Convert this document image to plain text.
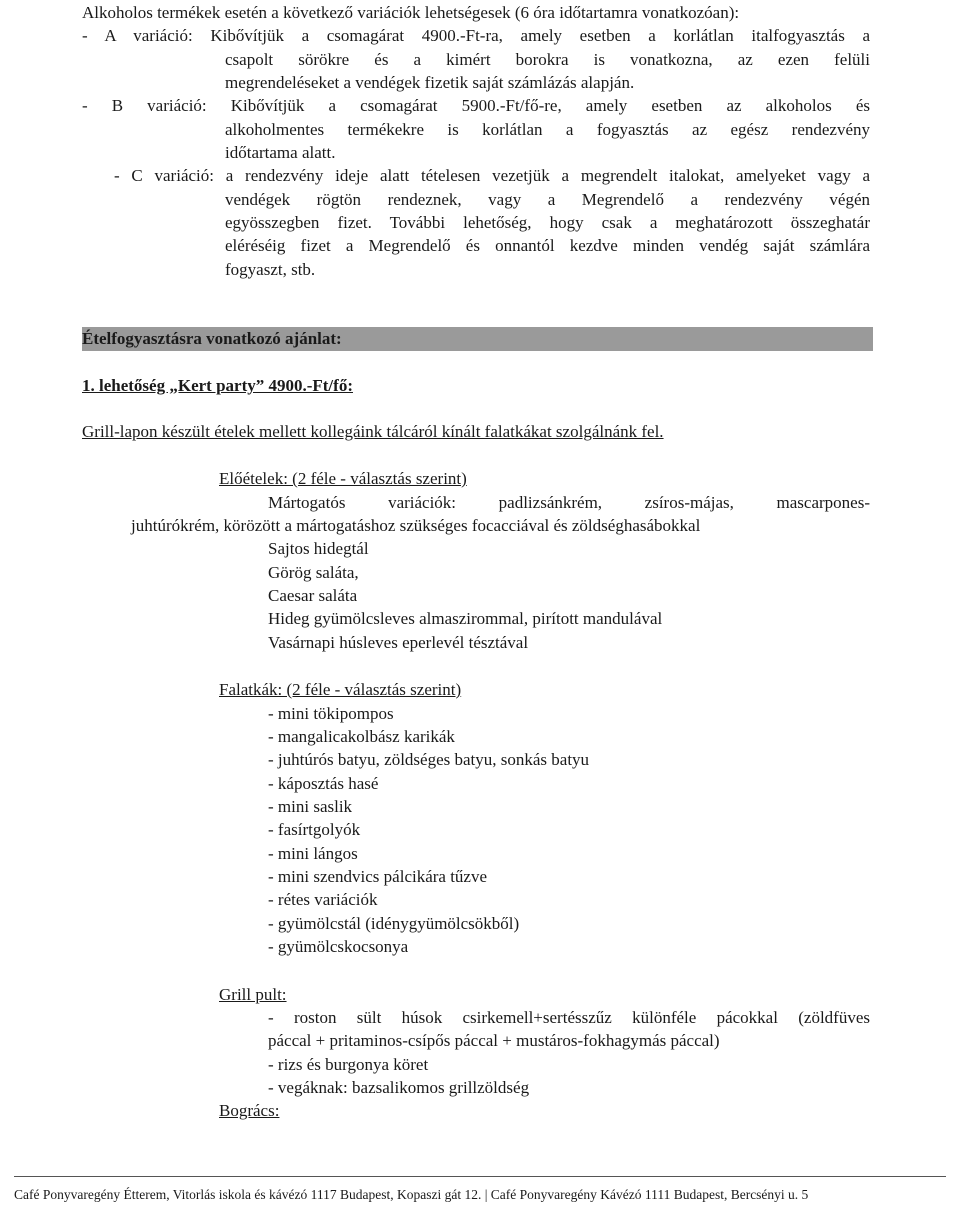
Alkoholos termékek esetén a következő variációk lehetségesek (6 óra időtartamra vonatkozóan):
- A variáció: Kibővítjük a csomagárat 4900.-Ft-ra, amely esetben a korlátlan italfogyasztás a
csapolt sörökre és a kimért borokra is vonatkozna, az ezen felüli
megrendeléseket a vendégek fizetik saját számlázás alapján.
- B variáció: Kibővítjük a csomagárat 5900.-Ft/fő-re, amely esetben az alkoholos és
alkoholmentes termékekre is korlátlan a fogyasztás az egész rendezvény
időtartama alatt.
- C variáció: a rendezvény ideje alatt tételesen vezetjük a megrendelt italokat, amelyeket vagy a
vendégek rögtön rendeznek, vagy a Megrendelő a rendezvény végén
egyösszegben fizet. További lehetőség, hogy csak a meghatározott összeghatár
eléréséig fizet a Megrendelő és onnantól kezdve minden vendég saját számlára
fogyaszt, stb.
Ételfogyasztásra vonatkozó ajánlat:
1. lehetőség „Kert party” 4900.-Ft/fő:
Grill-lapon készült ételek mellett kollegáink tálcáról kínált falatkákat szolgálnánk fel.
Előételek: (2 féle - választás szerint)
Mártogatós variációk: padlizsánkrém, zsíros-májas, mascarpones-
juhtúrókrém, körözött a mártogatáshoz szükséges focacciával és zöldséghasábokkal
Sajtos hidegtál
Görög saláta,
Caesar saláta
Hideg gyümölcsleves almaszirommal, pirított mandulával
Vasárnapi húsleves eperlevél tésztával
Falatkák: (2 féle - választás szerint)
- mini tökipompos
- mangalicakolbász karikák
- juhtúrós batyu, zöldséges batyu, sonkás batyu
- káposztás hasé
- mini saslik
- fasírtgolyók
- mini lángos
- mini szendvics pálcikára tűzve
- rétes variációk
- gyümölcstál (idénygyümölcsökből)
- gyümölcskocsonya
Grill pult:
- roston sült húsok csirkemell+sertésszűz különféle pácokkal (zöldfüves
páccal + pritaminos-csípős páccal + mustáros-fokhagymás páccal)
- rizs és burgonya köret
- vegáknak: bazsalikomos grillzöldség
Bogrács:
Café Ponyvaregény Étterem, Vitorlás iskola és kávézó 1117 Budapest, Kopaszi gát 12. | Café Ponyvaregény Kávézó 1111 Budapest, Bercsényi u. 5
